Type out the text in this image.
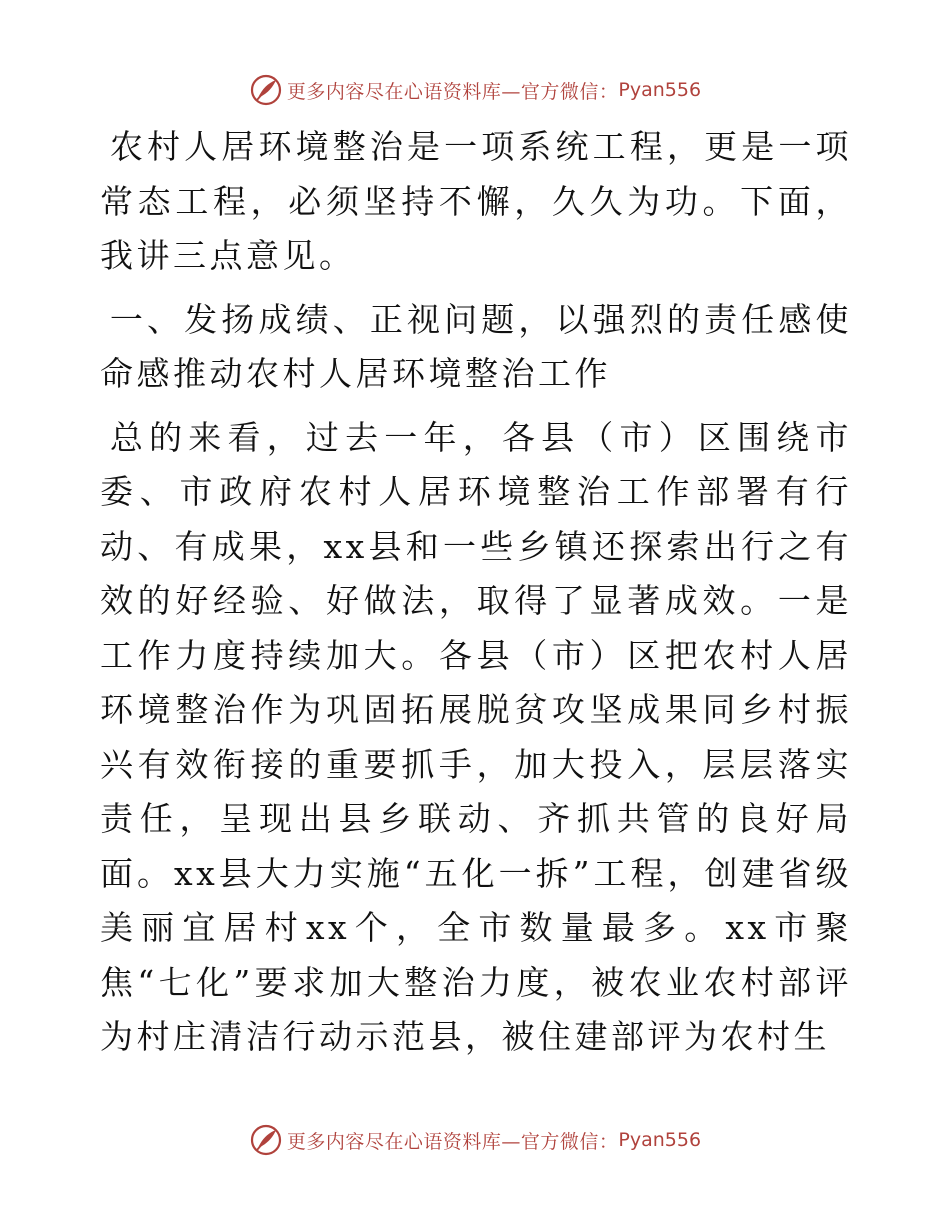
更多内容尽在心语资料库—官方微信： Pyan556

农村人居环境整治是一项系统工程，更是一项常态工程，必须坚持不懈，久久为功。下面，我讲三点意见。

一、发扬成绩、正视问题，以强烈的责任感使命感推动农村人居环境整治工作

总的来看，过去一年，各县（市）区围绕市委、市政府农村人居环境整治工作部署有行动、有成果，xx县和一些乡镇还探索出行之有效的好经验、好做法，取得了显著成效。一是工作力度持续加大。各县（市）区把农村人居环境整治作为巩固拓展脱贫攻坚成果同乡村振兴有效衔接的重要抓手，加大投入，层层落实责任，呈现出县乡联动、齐抓共管的良好局面。xx县大力实施“五化一拆”工程，创建省级美丽宜居村xx个，全市数量最多。xx市聚焦“七化”要求加大整治力度，被农业农村部评为村庄清洁行动示范县，被住建部评为农村生

更多内容尽在心语资料库—官方微信： Pyan556
